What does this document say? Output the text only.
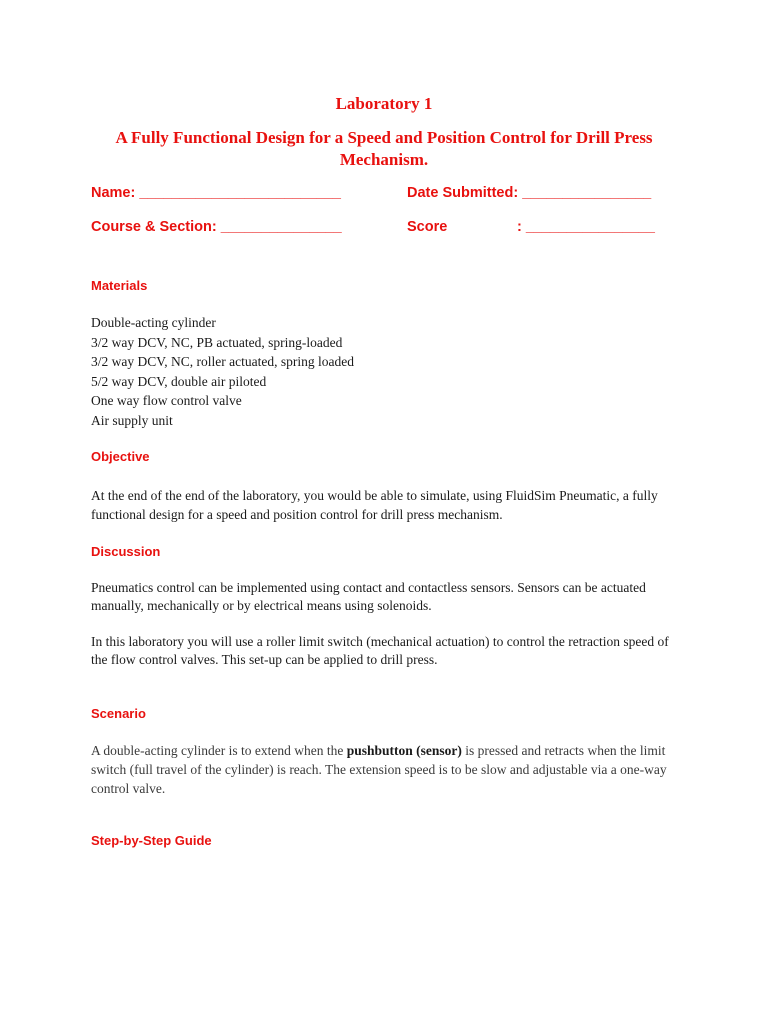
Laboratory 1
A Fully Functional Design for a Speed and Position Control for Drill Press Mechanism.
Name: _________________________	Date Submitted: ________________
Course & Section: _______________	Score	: ________________
Materials
Double-acting cylinder
3/2 way DCV, NC, PB actuated, spring-loaded
3/2 way DCV, NC, roller actuated, spring loaded
5/2 way DCV, double air piloted
One way flow control valve
Air supply unit
Objective
At the end of the end of the laboratory, you would be able to simulate, using FluidSim Pneumatic, a fully functional design for a speed and position control for drill press mechanism.
Discussion
Pneumatics control can be implemented using contact and contactless sensors. Sensors can be actuated manually, mechanically or by electrical means using solenoids.
In this laboratory you will use a roller limit switch (mechanical actuation) to control the retraction speed of the flow control valves. This set-up can be applied to drill press.
Scenario
A double-acting cylinder is to extend when the pushbutton (sensor) is pressed and retracts when the limit switch (full travel of the cylinder) is reach. The extension speed is to be slow and adjustable via a one-way control valve.
Step-by-Step Guide
